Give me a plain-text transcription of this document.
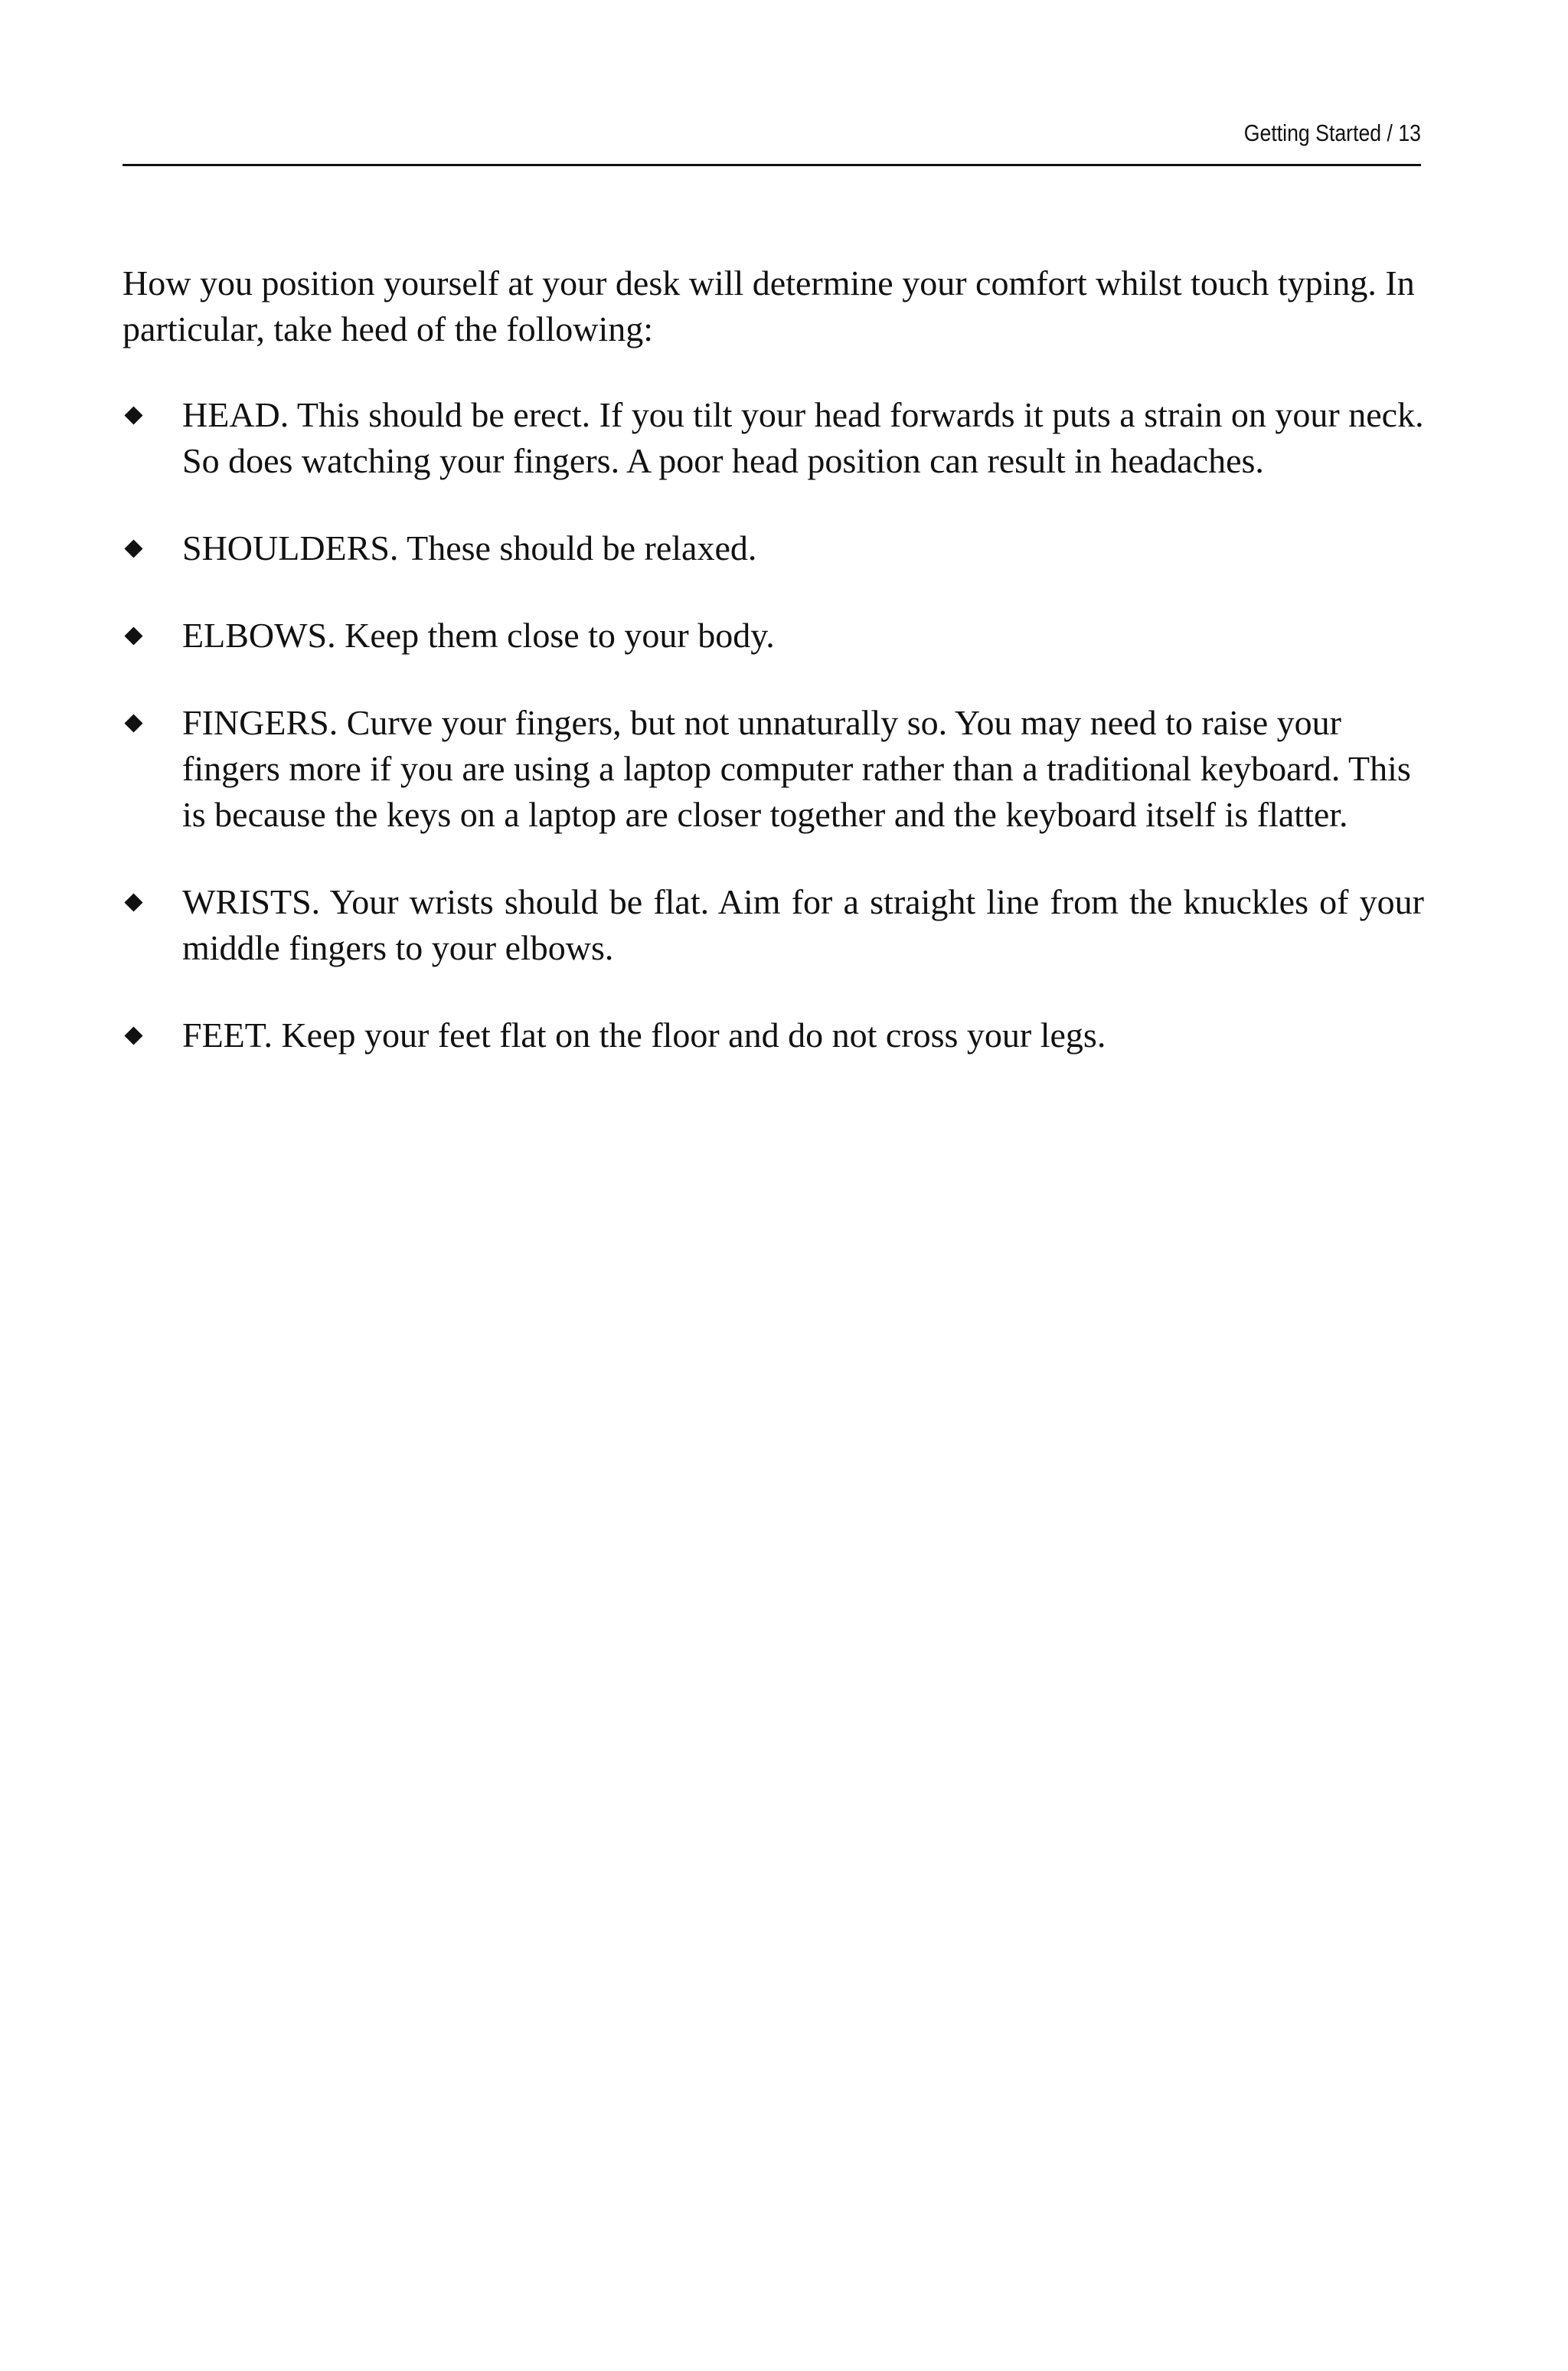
Getting Started / 13

How you position yourself at your desk will determine your comfort whilst touch typing. In particular, take heed of the following:

HEAD. This should be erect. If you tilt your head forwards it puts a strain on your neck. So does watching your fingers. A poor head position can result in headaches.
SHOULDERS. These should be relaxed.
ELBOWS. Keep them close to your body.
FINGERS. Curve your fingers, but not unnaturally so. You may need to raise your fingers more if you are using a laptop computer rather than a traditional keyboard. This is because the keys on a laptop are closer together and the keyboard itself is flatter.
WRISTS. Your wrists should be flat. Aim for a straight line from the knuckles of your middle fingers to your elbows.
FEET. Keep your feet flat on the floor and do not cross your legs.
